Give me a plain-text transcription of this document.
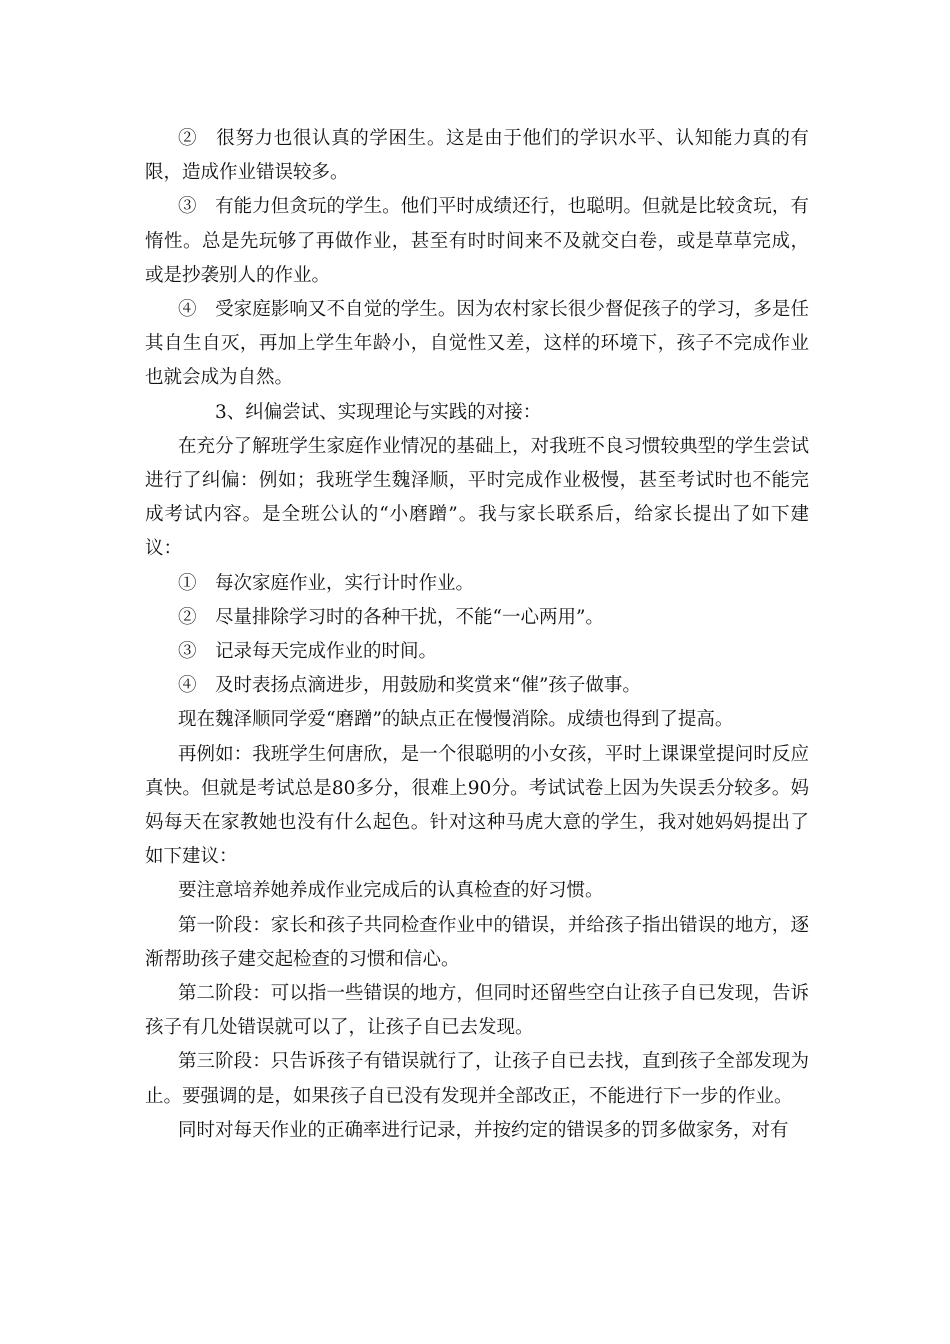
②　很努力也很认真的学困生。这是由于他们的学识水平、认知能力真的有限，造成作业错误较多。

③　有能力但贪玩的学生。他们平时成绩还行，也聪明。但就是比较贪玩，有惰性。总是先玩够了再做作业，甚至有时时间来不及就交白卷，或是草草完成，或是抄袭别人的作业。

④　受家庭影响又不自觉的学生。因为农村家长很少督促孩子的学习，多是任其自生自灭，再加上学生年龄小，自觉性又差，这样的环境下，孩子不完成作业也就会成为自然。

3、纠偏尝试、实现理论与实践的对接：

在充分了解班学生家庭作业情况的基础上，对我班不良习惯较典型的学生尝试进行了纠偏：例如；我班学生魏泽顺，平时完成作业极慢，甚至考试时也不能完成考试内容。是全班公认的“小磨蹭”。我与家长联系后，给家长提出了如下建议：

①　每次家庭作业，实行计时作业。

②　尽量排除学习时的各种干扰，不能“一心两用”。

③　记录每天完成作业的时间。

④　及时表扬点滴进步，用鼓励和奖赏来“催”孩子做事。

现在魏泽顺同学爱“磨蹭”的缺点正在慢慢消除。成绩也得到了提高。

再例如：我班学生何唐欣，是一个很聪明的小女孩，平时上课课堂提问时反应真快。但就是考试总是80多分，很难上90分。考试试卷上因为失误丢分较多。妈妈每天在家教她也没有什么起色。针对这种马虎大意的学生，我对她妈妈提出了如下建议：

要注意培养她养成作业完成后的认真检查的好习惯。

第一阶段：家长和孩子共同检查作业中的错误，并给孩子指出错误的地方，逐渐帮助孩子建交起检查的习惯和信心。

第二阶段：可以指一些错误的地方，但同时还留些空白让孩子自已发现，告诉孩子有几处错误就可以了，让孩子自已去发现。

第三阶段：只告诉孩子有错误就行了，让孩子自已去找，直到孩子全部发现为止。要强调的是，如果孩子自已没有发现并全部改正，不能进行下一步的作业。

同时对每天作业的正确率进行记录，并按约定的错误多的罚多做家务，对有
